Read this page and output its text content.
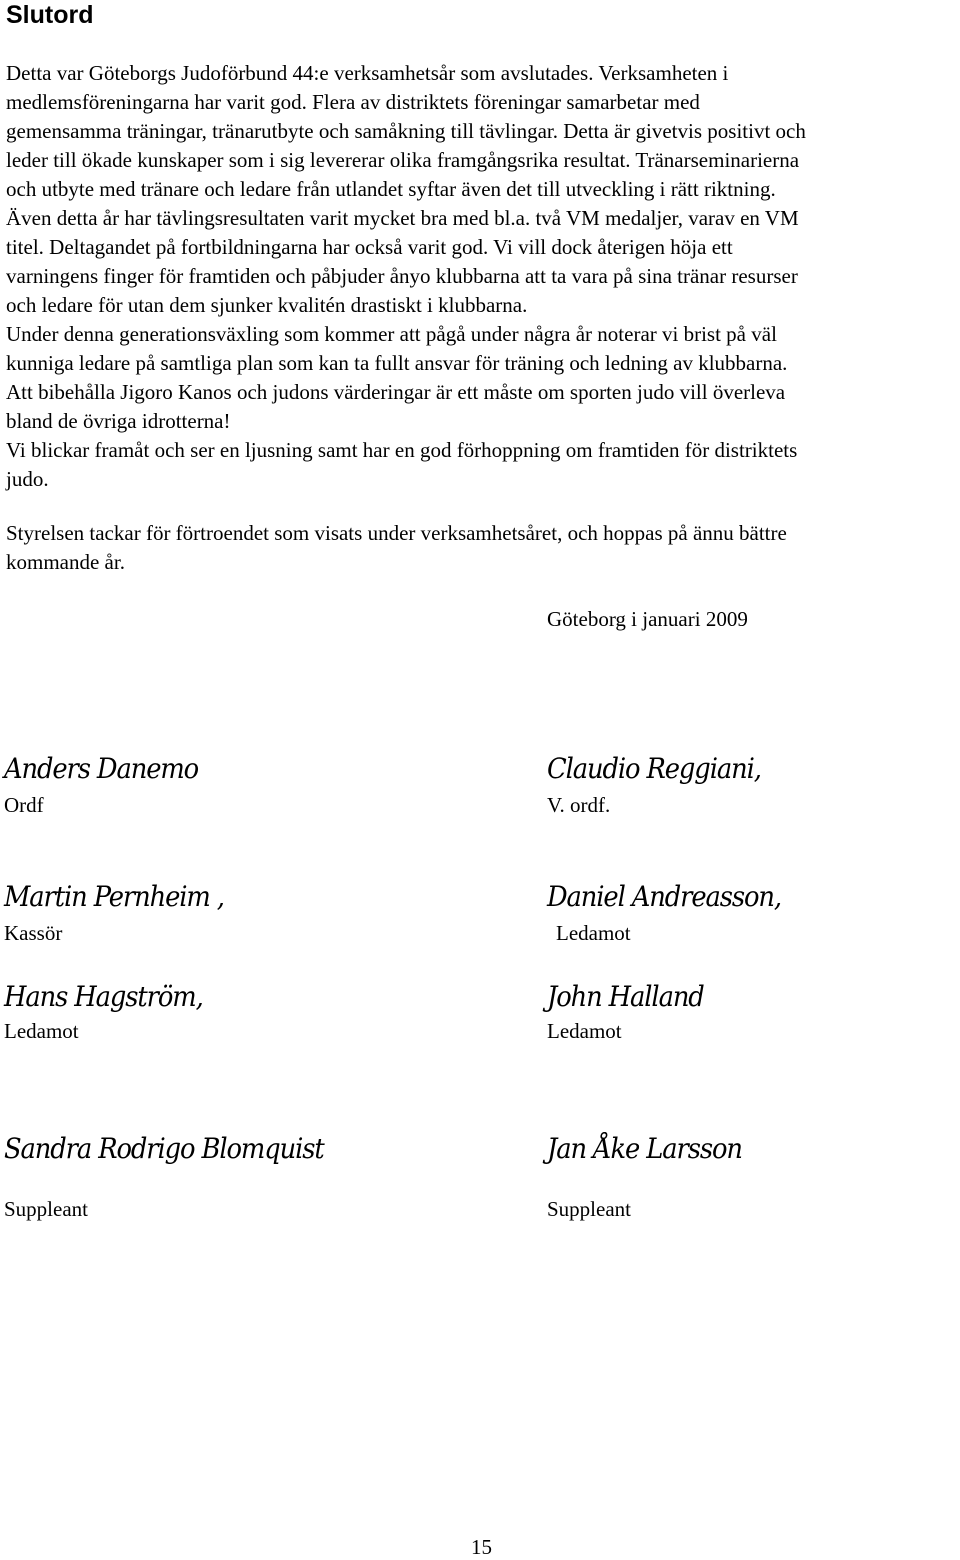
Slutord
Detta var Göteborgs Judoförbund 44:e verksamhetsår som avslutades. Verksamheten i
medlemsföreningarna har varit god. Flera av distriktets föreningar samarbetar med
gemensamma träningar, tränarutbyte och samåkning till tävlingar. Detta är givetvis positivt och
leder till ökade kunskaper som i sig levererar olika framgångsrika resultat. Tränarseminarierna
och utbyte med tränare och ledare från utlandet syftar även det till utveckling i rätt riktning.
Även detta år har tävlingsresultaten varit mycket bra med bl.a. två VM medaljer, varav en VM
titel. Deltagandet på fortbildningarna har också varit god. Vi vill dock återigen höja ett
varningens finger för framtiden och påbjuder ånyo klubbarna att ta vara på sina tränar resurser
och ledare för utan dem sjunker kvalitén drastiskt i klubbarna.
Under denna generationsväxling som kommer att pågå under några år noterar vi brist på väl
kunniga ledare på samtliga plan som kan ta fullt ansvar för träning och ledning av klubbarna.
Att bibehålla Jigoro Kanos och judons värderingar är ett måste om sporten judo vill överleva
bland de övriga idrotterna!
Vi blickar framåt och ser en ljusning samt har en god förhoppning om framtiden för distriktets
judo.
Styrelsen tackar för förtroendet som visats under verksamhetsåret, och hoppas på ännu bättre
kommande år.
Göteborg i januari 2009
Anders Danemo
Ordf
Claudio Reggiani,
V. ordf.
Martin Pernheim ,
Kassör
Daniel Andreasson,
Ledamot
Hans Hagström,
Ledamot
John Halland
Ledamot
Sandra Rodrigo Blomquist
Suppleant
Jan Åke Larsson
Suppleant
15
